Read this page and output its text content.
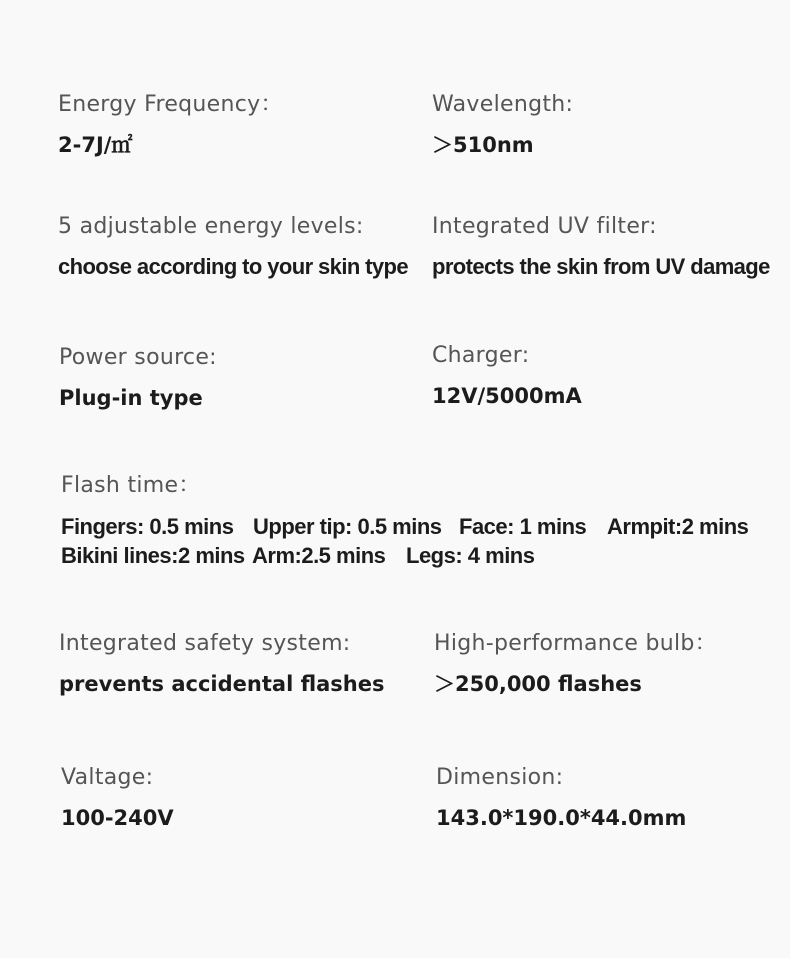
Energy Frequency：
2-7J/㎡
Wavelength:
＞510nm
5 adjustable energy levels:
choose according to your skin type
Integrated UV filter:
protects the skin from UV damage
Power source:
Plug-in type
Charger:
12V/5000mA
Flash time：
Fingers: 0.5 mins Upper tip: 0.5 mins Face: 1 mins Armpit:2 mins
Bikini lines:2 mins Arm:2.5 mins Legs: 4 mins
Integrated safety system:
prevents accidental flashes
High-performance bulb：
＞250,000 flashes
Valtage:
100-240V
Dimension:
143.0*190.0*44.0mm
